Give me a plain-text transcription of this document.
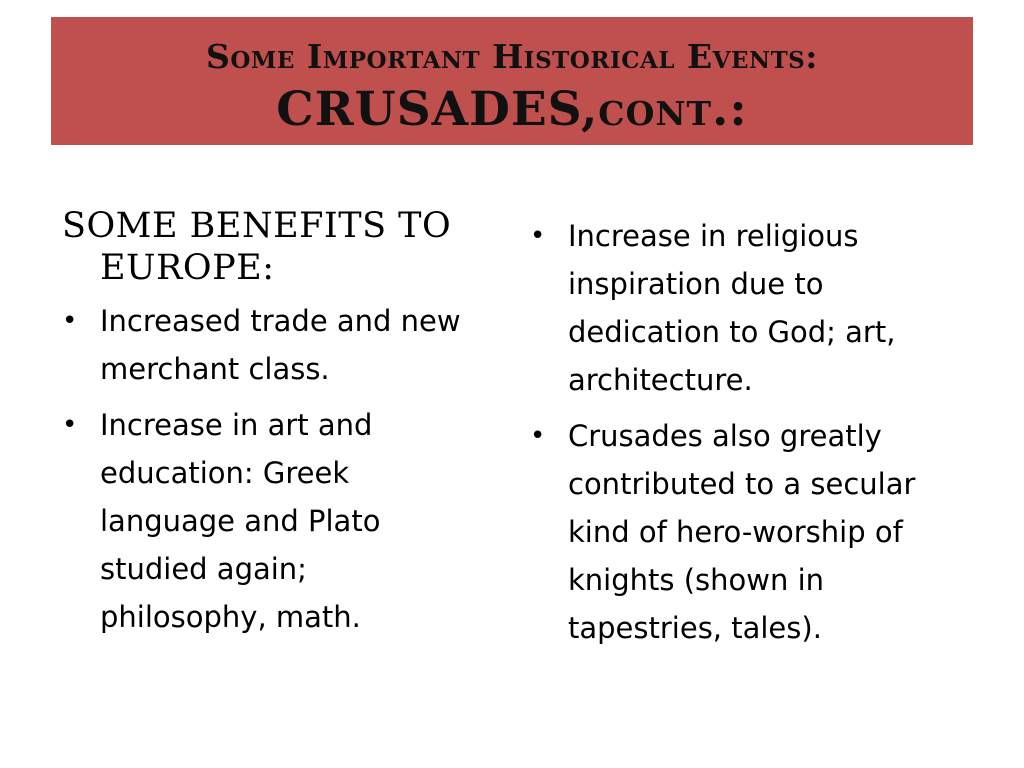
Some Important Historical Events:
CRUSADES,cont.:
SOME BENEFITS TO EUROPE:
• Increased trade and new merchant class.
• Increase in art and education: Greek language and Plato studied again; philosophy, math.
• Increase in religious inspiration due to dedication to God; art, architecture.
• Crusades also greatly contributed to a secular kind of hero-worship of knights (shown in tapestries, tales).
